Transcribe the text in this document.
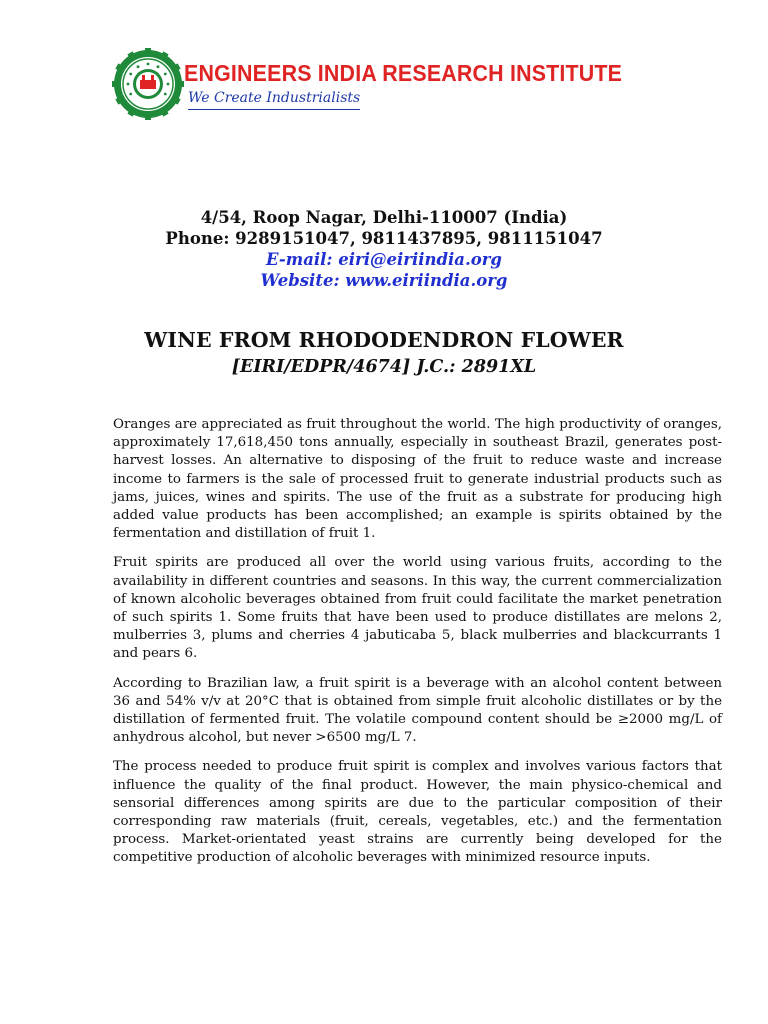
ENGINEERS INDIA RESEARCH INSTITUTE
We Create Industrialists
4/54, Roop Nagar, Delhi-110007 (India)
Phone: 9289151047, 9811437895, 9811151047
E-mail: eiri@eiriindia.org
Website: www.eiriindia.org
WINE FROM RHODODENDRON FLOWER
[EIRI/EDPR/4674] J.C.: 2891XL

Oranges are appreciated as fruit throughout the world. The high productivity of oranges, approximately 17,618,450 tons annually, especially in southeast Brazil, generates post-harvest losses. An alternative to disposing of the fruit to reduce waste and increase income to farmers is the sale of processed fruit to generate industrial products such as jams, juices, wines and spirits. The use of the fruit as a substrate for producing high added value products has been accomplished; an example is spirits obtained by the fermentation and distillation of fruit 1.

Fruit spirits are produced all over the world using various fruits, according to the availability in different countries and seasons. In this way, the current commercialization of known alcoholic beverages obtained from fruit could facilitate the market penetration of such spirits 1. Some fruits that have been used to produce distillates are melons 2, mulberries 3, plums and cherries 4 jabuticaba 5, black mulberries and blackcurrants 1 and pears 6.

According to Brazilian law, a fruit spirit is a beverage with an alcohol content between 36 and 54% v/v at 20°C that is obtained from simple fruit alcoholic distillates or by the distillation of fermented fruit. The volatile compound content should be ≥2000 mg/L of anhydrous alcohol, but never >6500 mg/L 7.

The process needed to produce fruit spirit is complex and involves various factors that influence the quality of the final product. However, the main physico-chemical and sensorial differences among spirits are due to the particular composition of their corresponding raw materials (fruit, cereals, vegetables, etc.) and the fermentation process. Market-orientated yeast strains are currently being developed for the competitive production of alcoholic beverages with minimized resource inputs.
